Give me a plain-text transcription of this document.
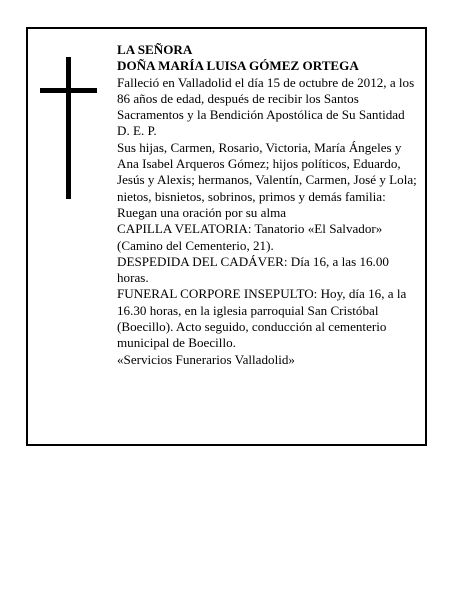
LA SEÑORA

DOÑA MARÍA LUISA GÓMEZ ORTEGA

Falleció en Valladolid el día 15 de octubre de 2012, a los 86 años de edad, después de recibir los Santos Sacramentos y la Bendición Apostólica de Su Santidad D. E. P.

Sus hijas, Carmen, Rosario, Victoria, María Ángeles y Ana Isabel Arqueros Gómez; hijos políticos, Eduardo, Jesús y Alexis; hermanos, Valentín, Carmen, José y Lola; nietos, bisnietos, sobrinos, primos y demás familia:

Ruegan una oración por su alma

CAPILLA VELATORIA: Tanatorio «El Salvador» (Camino del Cementerio, 21).

DESPEDIDA DEL CADÁVER: Día 16, a las 16.00 horas.

FUNERAL CORPORE INSEPULTO: Hoy, día 16, a la 16.30 horas, en la iglesia parroquial San Cristóbal (Boecillo). Acto seguido, conducción al cementerio municipal de Boecillo.

«Servicios Funerarios Valladolid»
